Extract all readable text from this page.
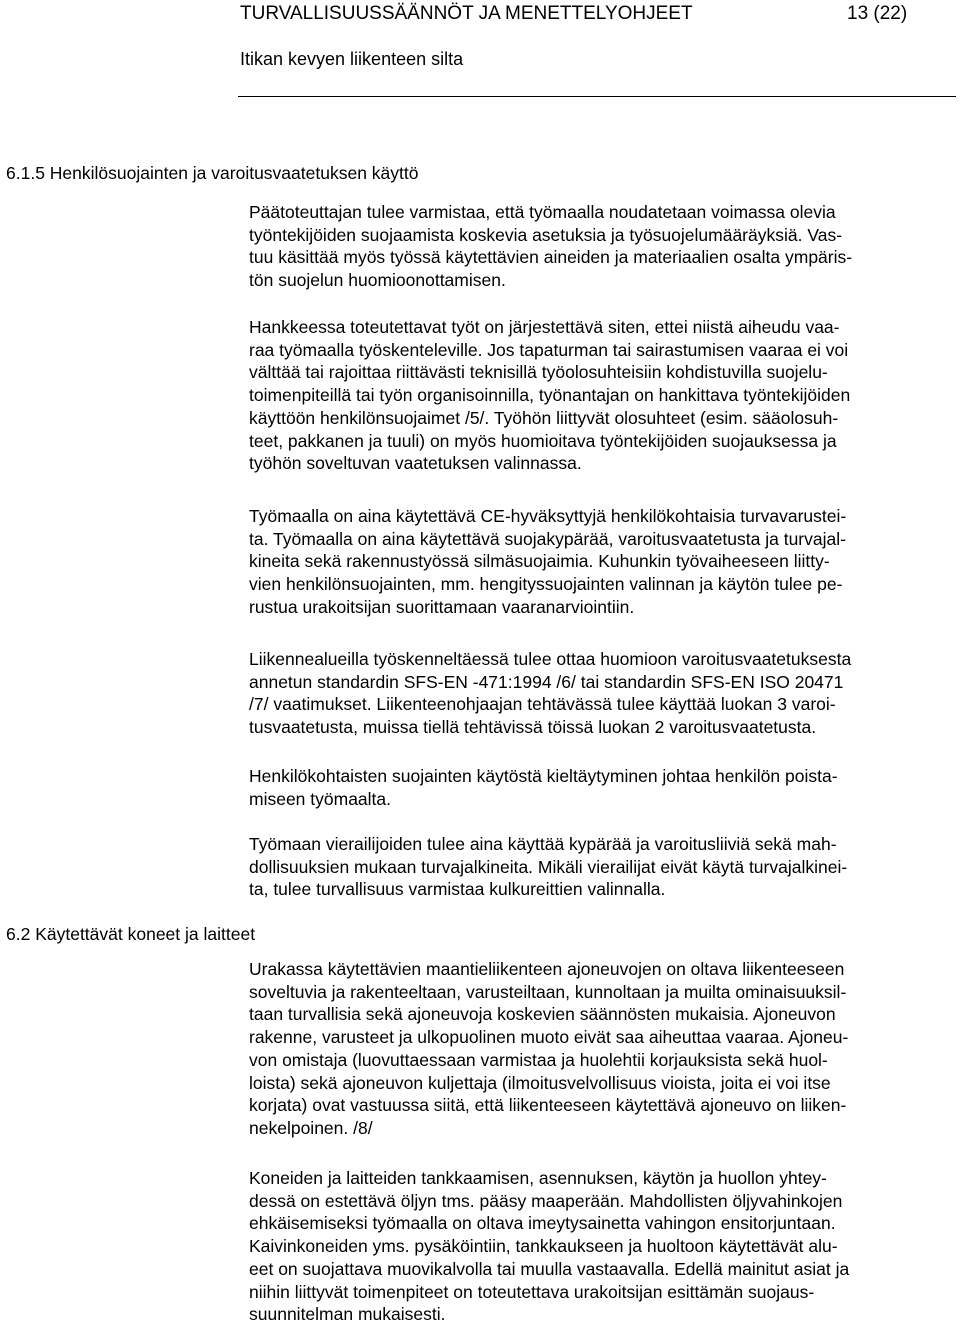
TURVALLISUUSSÄÄNNÖT JA MENETTELYOHJEET	13 (22)
Itikan kevyen liikenteen silta
6.1.5 Henkilösuojainten ja varoitusvaatetuksen käyttö
6.2 Käytettävät koneet ja laitteet
Päätoteuttajan tulee varmistaa, että työmaalla noudatetaan voimassa olevia
työntekijöiden suojaamista koskevia asetuksia ja työsuojelumääräyksiä. Vas-
tuu käsittää myös työssä käytettävien aineiden ja materiaalien osalta ympäris-
tön suojelun huomioonottamisen.
Hankkeessa toteutettavat työt on järjestettävä siten, ettei niistä aiheudu vaa-
raa työmaalla työskenteleville. Jos tapaturman tai sairastumisen vaaraa ei voi
välttää tai rajoittaa riittävästi teknisillä työolosuhteisiin kohdistuvilla suojelu-
toimenpiteillä tai työn organisoinnilla, työnantajan on hankittava työntekijöiden
käyttöön henkilönsuojaimet /5/. Työhön liittyvät olosuhteet (esim. sääolosuh-
teet, pakkanen ja tuuli) on myös huomioitava työntekijöiden suojauksessa ja
työhön soveltuvan vaatetuksen valinnassa.
Työmaalla on aina käytettävä CE-hyväksyttyjä henkilökohtaisia turvavarustei-
ta. Työmaalla on aina käytettävä suojakypärää, varoitusvaatetusta ja turvajal-
kineita sekä rakennustyössä silmäsuojaimia. Kuhunkin työvaiheeseen liitty-
vien henkilönsuojainten, mm. hengityssuojainten valinnan ja käytön tulee pe-
rustua urakoitsijan suorittamaan vaaranarviointiin.
Liikennealueilla työskenneltäessä tulee ottaa huomioon varoitusvaatetuksesta
annetun standardin SFS-EN -471:1994 /6/ tai standardin SFS-EN ISO 20471
/7/ vaatimukset. Liikenteenohjaajan tehtävässä tulee käyttää luokan 3 varoi-
tusvaatetusta, muissa tiellä tehtävissä töissä luokan 2 varoitusvaatetusta.
Henkilökohtaisten suojainten käytöstä kieltäytyminen johtaa henkilön poista-
miseen työmaalta.
Työmaan vierailijoiden tulee aina käyttää kypärää ja varoitusliiviä sekä mah-
dollisuuksien mukaan turvajalkineita. Mikäli vierailijat eivät käytä turvajalkinei-
ta, tulee turvallisuus varmistaa kulkureittien valinnalla.
Urakassa käytettävien maantieliikenteen ajoneuvojen on oltava liikenteeseen
soveltuvia ja rakenteeltaan, varusteiltaan, kunnoltaan ja muilta ominaisuuksil-
taan turvallisia sekä ajoneuvoja koskevien säännösten mukaisia. Ajoneuvon
rakenne, varusteet ja ulkopuolinen muoto eivät saa aiheuttaa vaaraa. Ajoneu-
von omistaja (luovuttaessaan varmistaa ja huolehtii korjauksista sekä huol-
loista) sekä ajoneuvon kuljettaja (ilmoitusvelvollisuus vioista, joita ei voi itse
korjata) ovat vastuussa siitä, että liikenteeseen käytettävä ajoneuvo on liiken-
nekelpoinen. /8/
Koneiden ja laitteiden tankkaamisen, asennuksen, käytön ja huollon yhtey-
dessä on estettävä öljyn tms. pääsy maaperään. Mahdollisten öljyvahinkojen
ehkäisemiseksi työmaalla on oltava imeytysainetta vahingon ensitorjuntaan.
Kaivinkoneiden yms. pysäköintiin, tankkaukseen ja huoltoon käytettävät alu-
eet on suojattava muovikalvolla tai muulla vastaavalla. Edellä mainitut asiat ja
niihin liittyvät toimenpiteet on toteutettava urakoitsijan esittämän suojaus-
suunnitelman mukaisesti.
